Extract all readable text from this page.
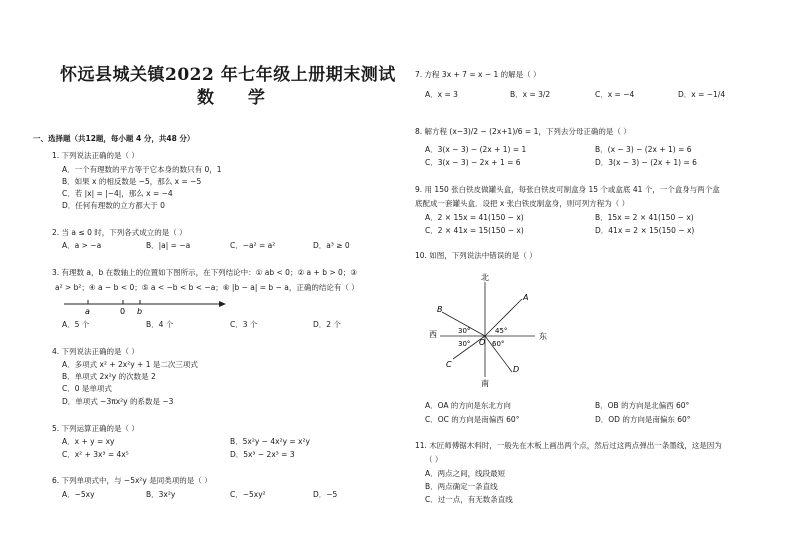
怀远县城关镇2022 年七年级上册期末测试
数 学
一、选择题（共12题，每小题 4 分，共48 分）
1. 下列说法正确的是（ ）
A．一个有理数的平方等于它本身的数只有 0，1
B．如果 x 的相反数是 −5，那么 x = −5
C．若 |x| = |−4|，那么 x = −4
D．任何有理数的立方都大于 0
2. 当 a ≤ 0 时，下列各式成立的是（ ）
A．a > −a	B．|a| = −a	C．−a² = a²	D．a³ ≥ 0
3. 有理数 a，b 在数轴上的位置如下图所示，在下列结论中：① ab < 0；② a + b > 0；③
a² > b²；④ a − b < 0；⑤ a < −b < b < −a；⑥ |b − a| = b − a，正确的结论有（ ）
a	0 b
A．5 个	B．4 个	C．3 个	D．2 个
4. 下列说法正确的是（ ）
A．多项式 x² + 2x²y + 1 是二次三项式
B．单项式 2x²y 的次数是 2
C．0 是单项式
D．单项式 −3πx²y 的系数是 −3
5. 下列运算正确的是（ ）
A．x + y = xy	B．5x²y − 4x²y = x²y
C．x² + 3x³ = 4x⁵	D．5x³ − 2x³ = 3
6. 下列单项式中，与 −5x²y 是同类项的是（ ）
A．−5xy	B．3x²y	C．−5xy²	D．−5
7. 方程 3x + 7 = x − 1 的解是（ ）
A．x = 3	B．x = 3/2	C．x = −4	D．x = −1/4
8. 解方程 (x−3)/2 − (2x+1)/6 = 1，下列去分母正确的是（ ）
A．3(x − 3) − (2x + 1) = 1	B．(x − 3) − (2x + 1) = 6
C．3(x − 3) − 2x + 1 = 6	D．3(x − 3) − (2x + 1) = 6
9. 用 150 张白铁皮做罐头盒，每张白铁皮可制盒身 15 个或盒底 41 个，一个盒身与两个盒
底配成一套罐头盒．设把 x 张白铁皮制盒身，则可列方程为（ ）
A．2 × 15x = 41(150 − x)	B．15x = 2 × 41(150 − x)
C．2 × 41x = 15(150 − x)	D．41x = 2 × 15(150 − x)
10. 如图，下列说法中错误的是（ ）
北
南
东
西
A
B
C
D
O
30°
30°
45°
60°
A．OA 的方向是东北方向	B．OB 的方向是北偏西 60°
C．OC 的方向是南偏西 60°	D．OD 的方向是南偏东 60°
11. 木匠师傅锯木料时，一般先在木板上画出两个点，然后过这两点弹出一条墨线，这是因为
（ ）
A．两点之间，线段最短
B．两点确定一条直线
C．过一点，有无数条直线
